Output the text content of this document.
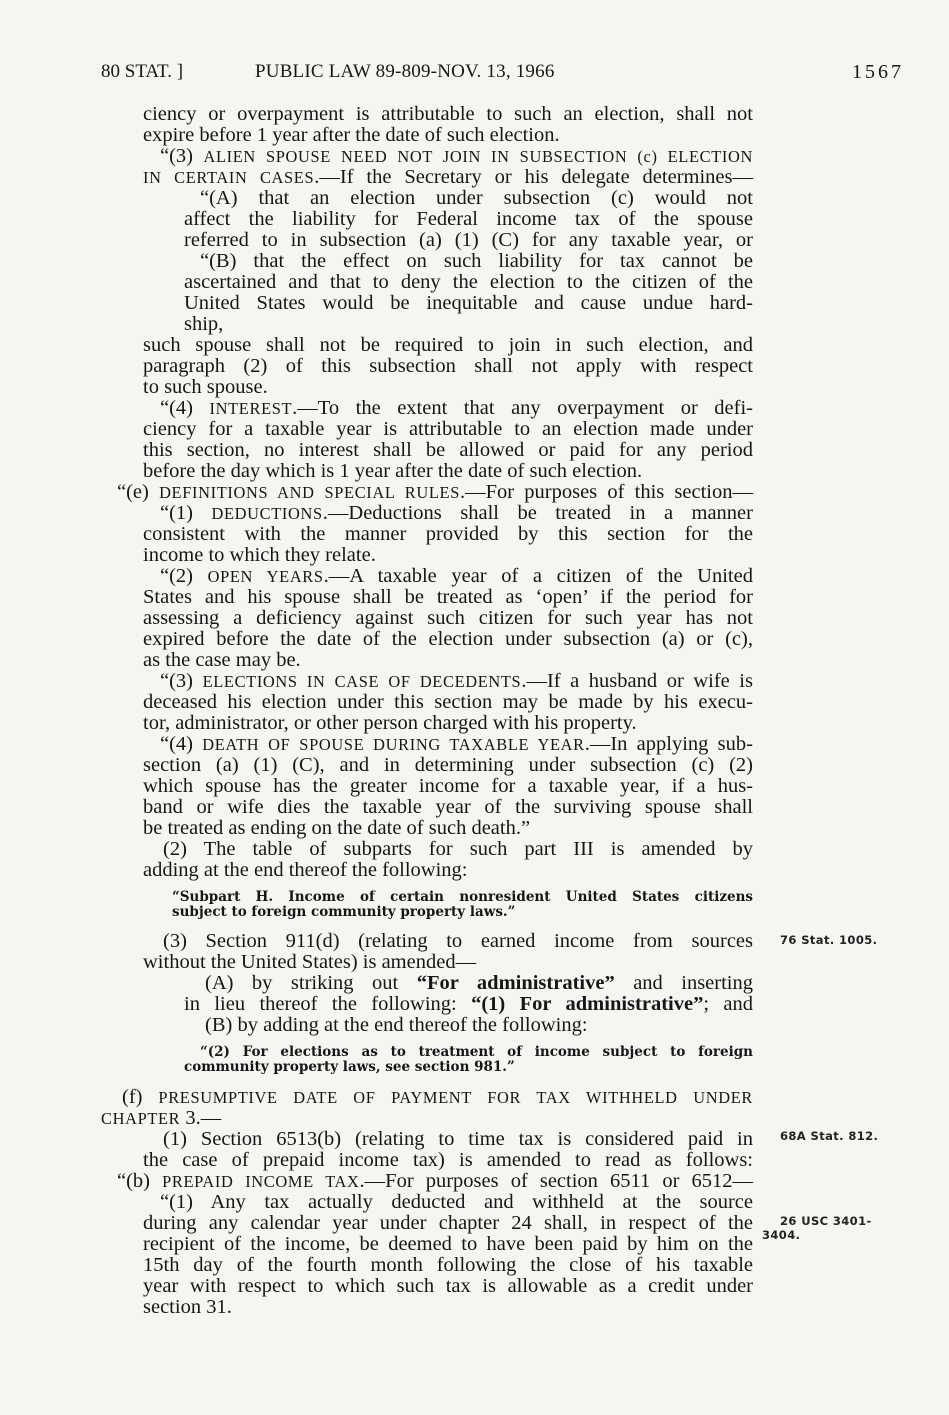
80 STAT. ]	PUBLIC LAW 89-809-NOV. 13, 1966	1567
ciency or overpayment is attributable to such an election, shall not
expire before 1 year after the date of such election.
“(3) ALIEN SPOUSE NEED NOT JOIN IN SUBSECTION (c) ELECTION
IN CERTAIN CASES.—If the Secretary or his delegate determines—
“(A) that an election under subsection (c) would not
affect the liability for Federal income tax of the spouse
referred to in subsection (a) (1) (C) for any taxable year, or
“(B) that the effect on such liability for tax cannot be
ascertained and that to deny the election to the citizen of the
United States would be inequitable and cause undue hard-
ship,
such spouse shall not be required to join in such election, and
paragraph (2) of this subsection shall not apply with respect
to such spouse.
“(4) INTEREST.—To the extent that any overpayment or defi-
ciency for a taxable year is attributable to an election made under
this section, no interest shall be allowed or paid for any period
before the day which is 1 year after the date of such election.
“(e) DEFINITIONS AND SPECIAL RULES.—For purposes of this section—
“(1) DEDUCTIONS.—Deductions shall be treated in a manner
consistent with the manner provided by this section for the
income to which they relate.
“(2) OPEN YEARS.—A taxable year of a citizen of the United
States and his spouse shall be treated as ‘open’ if the period for
assessing a deficiency against such citizen for such year has not
expired before the date of the election under subsection (a) or (c),
as the case may be.
“(3) ELECTIONS IN CASE OF DECEDENTS.—If a husband or wife is
deceased his election under this section may be made by his execu-
tor, administrator, or other person charged with his property.
“(4) DEATH OF SPOUSE DURING TAXABLE YEAR.—In applying sub-
section (a) (1) (C), and in determining under subsection (c) (2)
which spouse has the greater income for a taxable year, if a hus-
band or wife dies the taxable year of the surviving spouse shall
be treated as ending on the date of such death.”
(2) The table of subparts for such part III is amended by
adding at the end thereof the following:
“Subpart H. Income of certain nonresident United States citizens
subject to foreign community property laws.”
(3) Section 911(d) (relating to earned income from sources
without the United States) is amended—
(A) by striking out “For administrative” and inserting
in lieu thereof the following: “(1) For administrative”; and
(B) by adding at the end thereof the following:
“(2) For elections as to treatment of income subject to foreign
community property laws, see section 981.”
(f) PRESUMPTIVE DATE OF PAYMENT FOR TAX WITHHELD UNDER
CHAPTER 3.—
(1) Section 6513(b) (relating to time tax is considered paid in
the case of prepaid income tax) is amended to read as follows:
“(b) PREPAID INCOME TAX.—For purposes of section 6511 or 6512—
“(1) Any tax actually deducted and withheld at the source
during any calendar year under chapter 24 shall, in respect of the
recipient of the income, be deemed to have been paid by him on the
15th day of the fourth month following the close of his taxable
year with respect to which such tax is allowable as a credit under
section 31.
76 Stat. 1005.
68A Stat. 812.
26 USC 3401-
3404.
